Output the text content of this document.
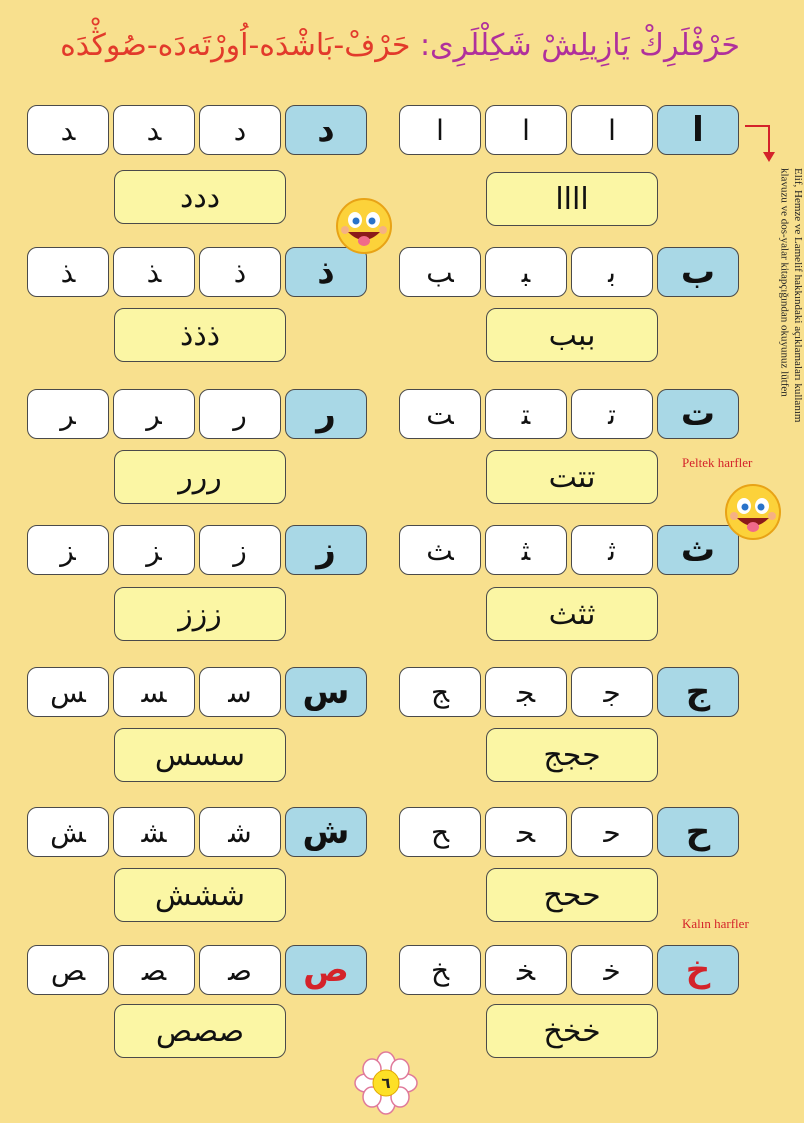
حَرْفْلَرِكْ يَازِيلِشْ شَكِلْلَرِى: حَرْفْ-بَاشْدَه-اُورْتَه‌دَه-صُوڭْدَه
ا	ا	ا	ا
اااا
ﺐ	ﺒ	ﺑ	ب
ببب
ﺖ	ﺘ	ﺗ	ت
تتت
ﺚ	ﺜ	ﺛ	ث
ثثث
ﺞ	ﺠ	ﺟ	ج
ججج
ﺢ	ﺤ	ﺣ	ح
ححح
ﺦ	ﺨ	ﺧ	خ
خخخ
ﺪ	ﺪ	د	د
ددد
ﺬ	ﺬ	ذ	ذ
ذذذ
ﺮ	ﺮ	ر	ر
ررر
ﺰ	ﺰ	ز	ز
ززز
ﺲ	ﺴ	ﺳ	س
سسس
ﺶ	ﺸ	ﺷ	ش
ششش
ﺺ	ﺼ	ﺻ	ص
صصص
Elif, Hemze ve Lamelif hakkındaki açıklamaları kullanım klavuzu ve dos-yalar kitapçığından okuyunuz lütfen
Peltek harfler
Kalın harfler
٦
